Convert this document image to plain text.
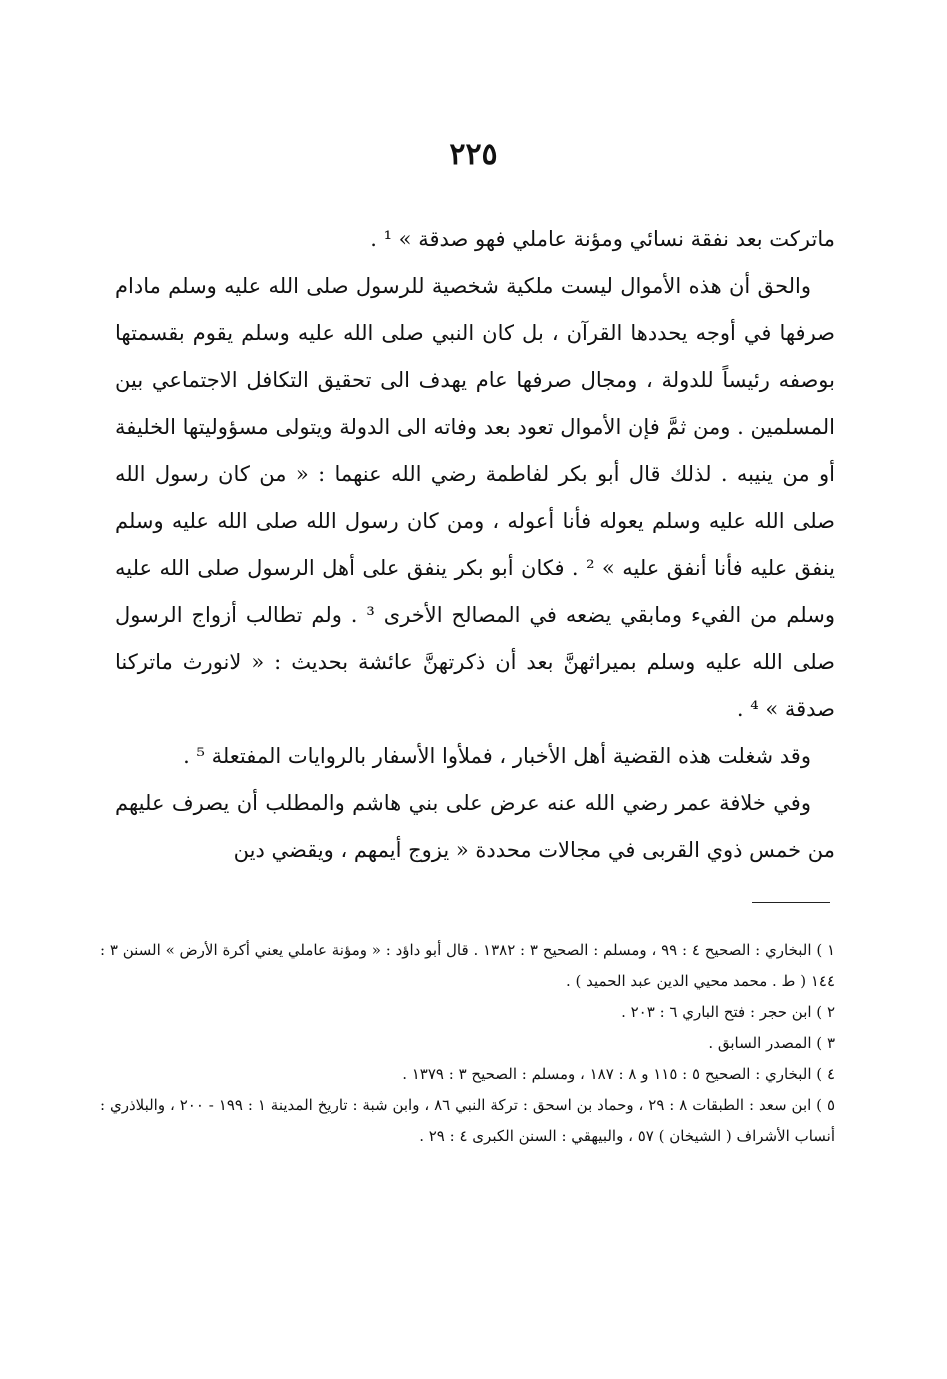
٢٢٥

ماتركت بعد نفقة نسائي ومؤنة عاملي فهو صدقة » ¹ .

والحق أن هذه الأموال ليست ملكية شخصية للرسول صلى الله عليه وسلم مادام صرفها في أوجه يحددها القرآن ، بل كان النبي صلى الله عليه وسلم يقوم بقسمتها بوصفه رئيساً للدولة ، ومجال صرفها عام يهدف الى تحقيق التكافل الاجتماعي بين المسلمين . ومن ثمَّ فإن الأموال تعود بعد وفاته الى الدولة ويتولى مسؤوليتها الخليفة أو من ينيبه . لذلك قال أبو بكر لفاطمة رضي الله عنهما : « من كان رسول الله صلى الله عليه وسلم يعوله فأنا أعوله ، ومن كان رسول الله صلى الله عليه وسلم ينفق عليه فأنا أنفق عليه » ² . فكان أبو بكر ينفق على أهل الرسول صلى الله عليه وسلم من الفيء ومابقي يضعه في المصالح الأخرى ³ . ولم تطالب أزواج الرسول صلى الله عليه وسلم بميراثهنَّ بعد أن ذكرتهنَّ عائشة بحديث : « لانورث ماتركنا صدقة » ⁴ .

وقد شغلت هذه القضية أهل الأخبار ، فملأوا الأسفار بالروايات المفتعلة ⁵ .

وفي خلافة عمر رضي الله عنه عرض على بني هاشم والمطلب أن يصرف عليهم من خمس ذوي القربى في مجالات محددة « يزوج أيمهم ، ويقضي دين

١ ) البخاري : الصحيح ٤ : ٩٩ ، ومسلم : الصحيح ٣ : ١٣٨٢ . قال أبو داؤد : « ومؤنة عاملي يعني أكرة الأرض » السنن ٣ : ١٤٤ ( ط . محمد محيي الدين عبد الحميد ) .

٢ ) ابن حجر : فتح الباري ٦ : ٢٠٣ .

٣ ) المصدر السابق .

٤ ) البخاري : الصحيح ٥ : ١١٥ و ٨ : ١٨٧ ، ومسلم : الصحيح ٣ : ١٣٧٩ .

٥ ) ابن سعد : الطبقات ٨ : ٢٩ ، وحماد بن اسحق : تركة النبي ٨٦ ، وابن شبة : تاريخ المدينة ١ : ١٩٩ - ٢٠٠ ، والبلاذري : أنساب الأشراف ( الشيخان ) ٥٧ ، والبيهقي : السنن الكبرى ٤ : ٢٩ .
